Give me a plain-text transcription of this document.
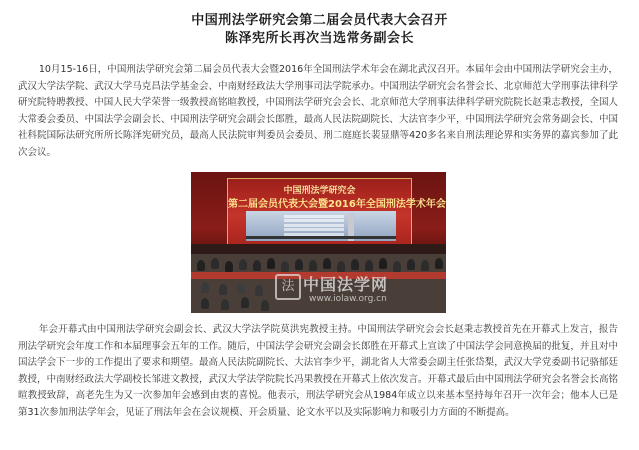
中国刑法学研究会第二届会员代表大会召开
陈泽宪所长再次当选常务副会长

10月15-16日，中国刑法学研究会第二届会员代表大会暨2016年全国刑法学术年会在湖北武汉召开。本届年会由中国刑法学研究会主办，武汉大学法学院、武汉大学马克昌法学基金会、中南财经政法大学刑事司法学院承办。中国刑法学研究会名誉会长、北京师范大学刑事法律科学研究院特聘教授、中国人民大学荣誉一级教授高铭暄教授，中国刑法学研究会会长、北京师范大学刑事法律科学研究院院长赵秉志教授，全国人大常委会委员、中国法学会副会长、中国刑法学研究会副会长郎胜，最高人民法院副院长、大法官李少平，中国刑法学研究会常务副会长、中国社科院国际法研究所所长陈泽宪研究员，最高人民法院审判委员会委员、刑二庭庭长裴显鼎等420多名来自刑法理论界和实务界的嘉宾参加了此次会议。

中国刑法学研究会
第二届会员代表大会暨2016年全国刑法学术年会
法 中国法学网
www.iolaw.org.cn

年会开幕式由中国刑法学研究会副会长、武汉大学法学院莫洪宪教授主持。中国刑法学研究会会长赵秉志教授首先在开幕式上发言，报告刑法学研究会年度工作和本届理事会五年的工作。随后，中国法学会研究会副会长郎胜在开幕式上宣读了中国法学会同意换届的批复，并且对中国法学会下一步的工作提出了要求和期望。最高人民法院副院长、大法官李少平，湖北省人大常委会副主任张岱梨，武汉大学党委副书记骆郁廷教授，中南财经政法大学副校长邹进文教授，武汉大学法学院院长冯果教授在开幕式上依次发言。开幕式最后由中国刑法学研究会名誉会长高铭暄教授致辞，高老先生为又一次参加年会感到由衷的喜悦。他表示，刑法学研究会从1984年成立以来基本坚持每年召开一次年会；他本人已是第31次参加刑法学年会，见证了刑法年会在会议规模、开会质量、论文水平以及实际影响力和吸引力方面的不断提高。
